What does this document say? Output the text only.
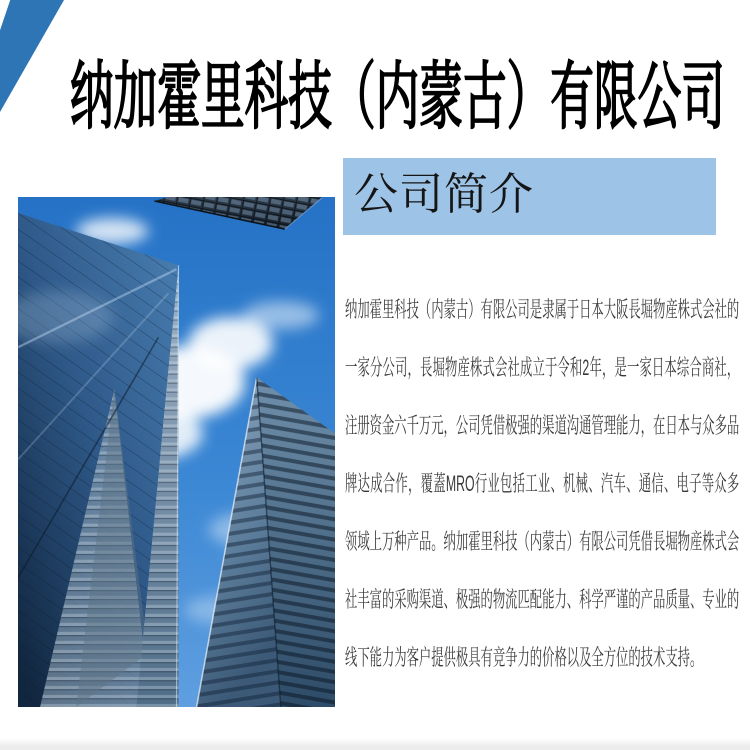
纳加霍里科技（内蒙古）有限公司
公司简介
纳加霍里科技（内蒙古）有限公司是隶属于日本大阪長堀物産株式会社的
一家分公司，長堀物産株式会社成立于令和2年，是一家日本综合商社，
注册资金六千万元，公司凭借极强的渠道沟通管理能力，在日本与众多品
牌达成合作，覆蓋MRO行业包括工业、机械、汽车、通信、电子等众多
领域上万种产品。纳加霍里科技（内蒙古）有限公司凭借長堀物産株式会
社丰富的采购渠道、极强的物流匹配能力、科学严谨的产品质量、专业的
线下能力为客户提供极具有竞争力的价格以及全方位的技术支持。
